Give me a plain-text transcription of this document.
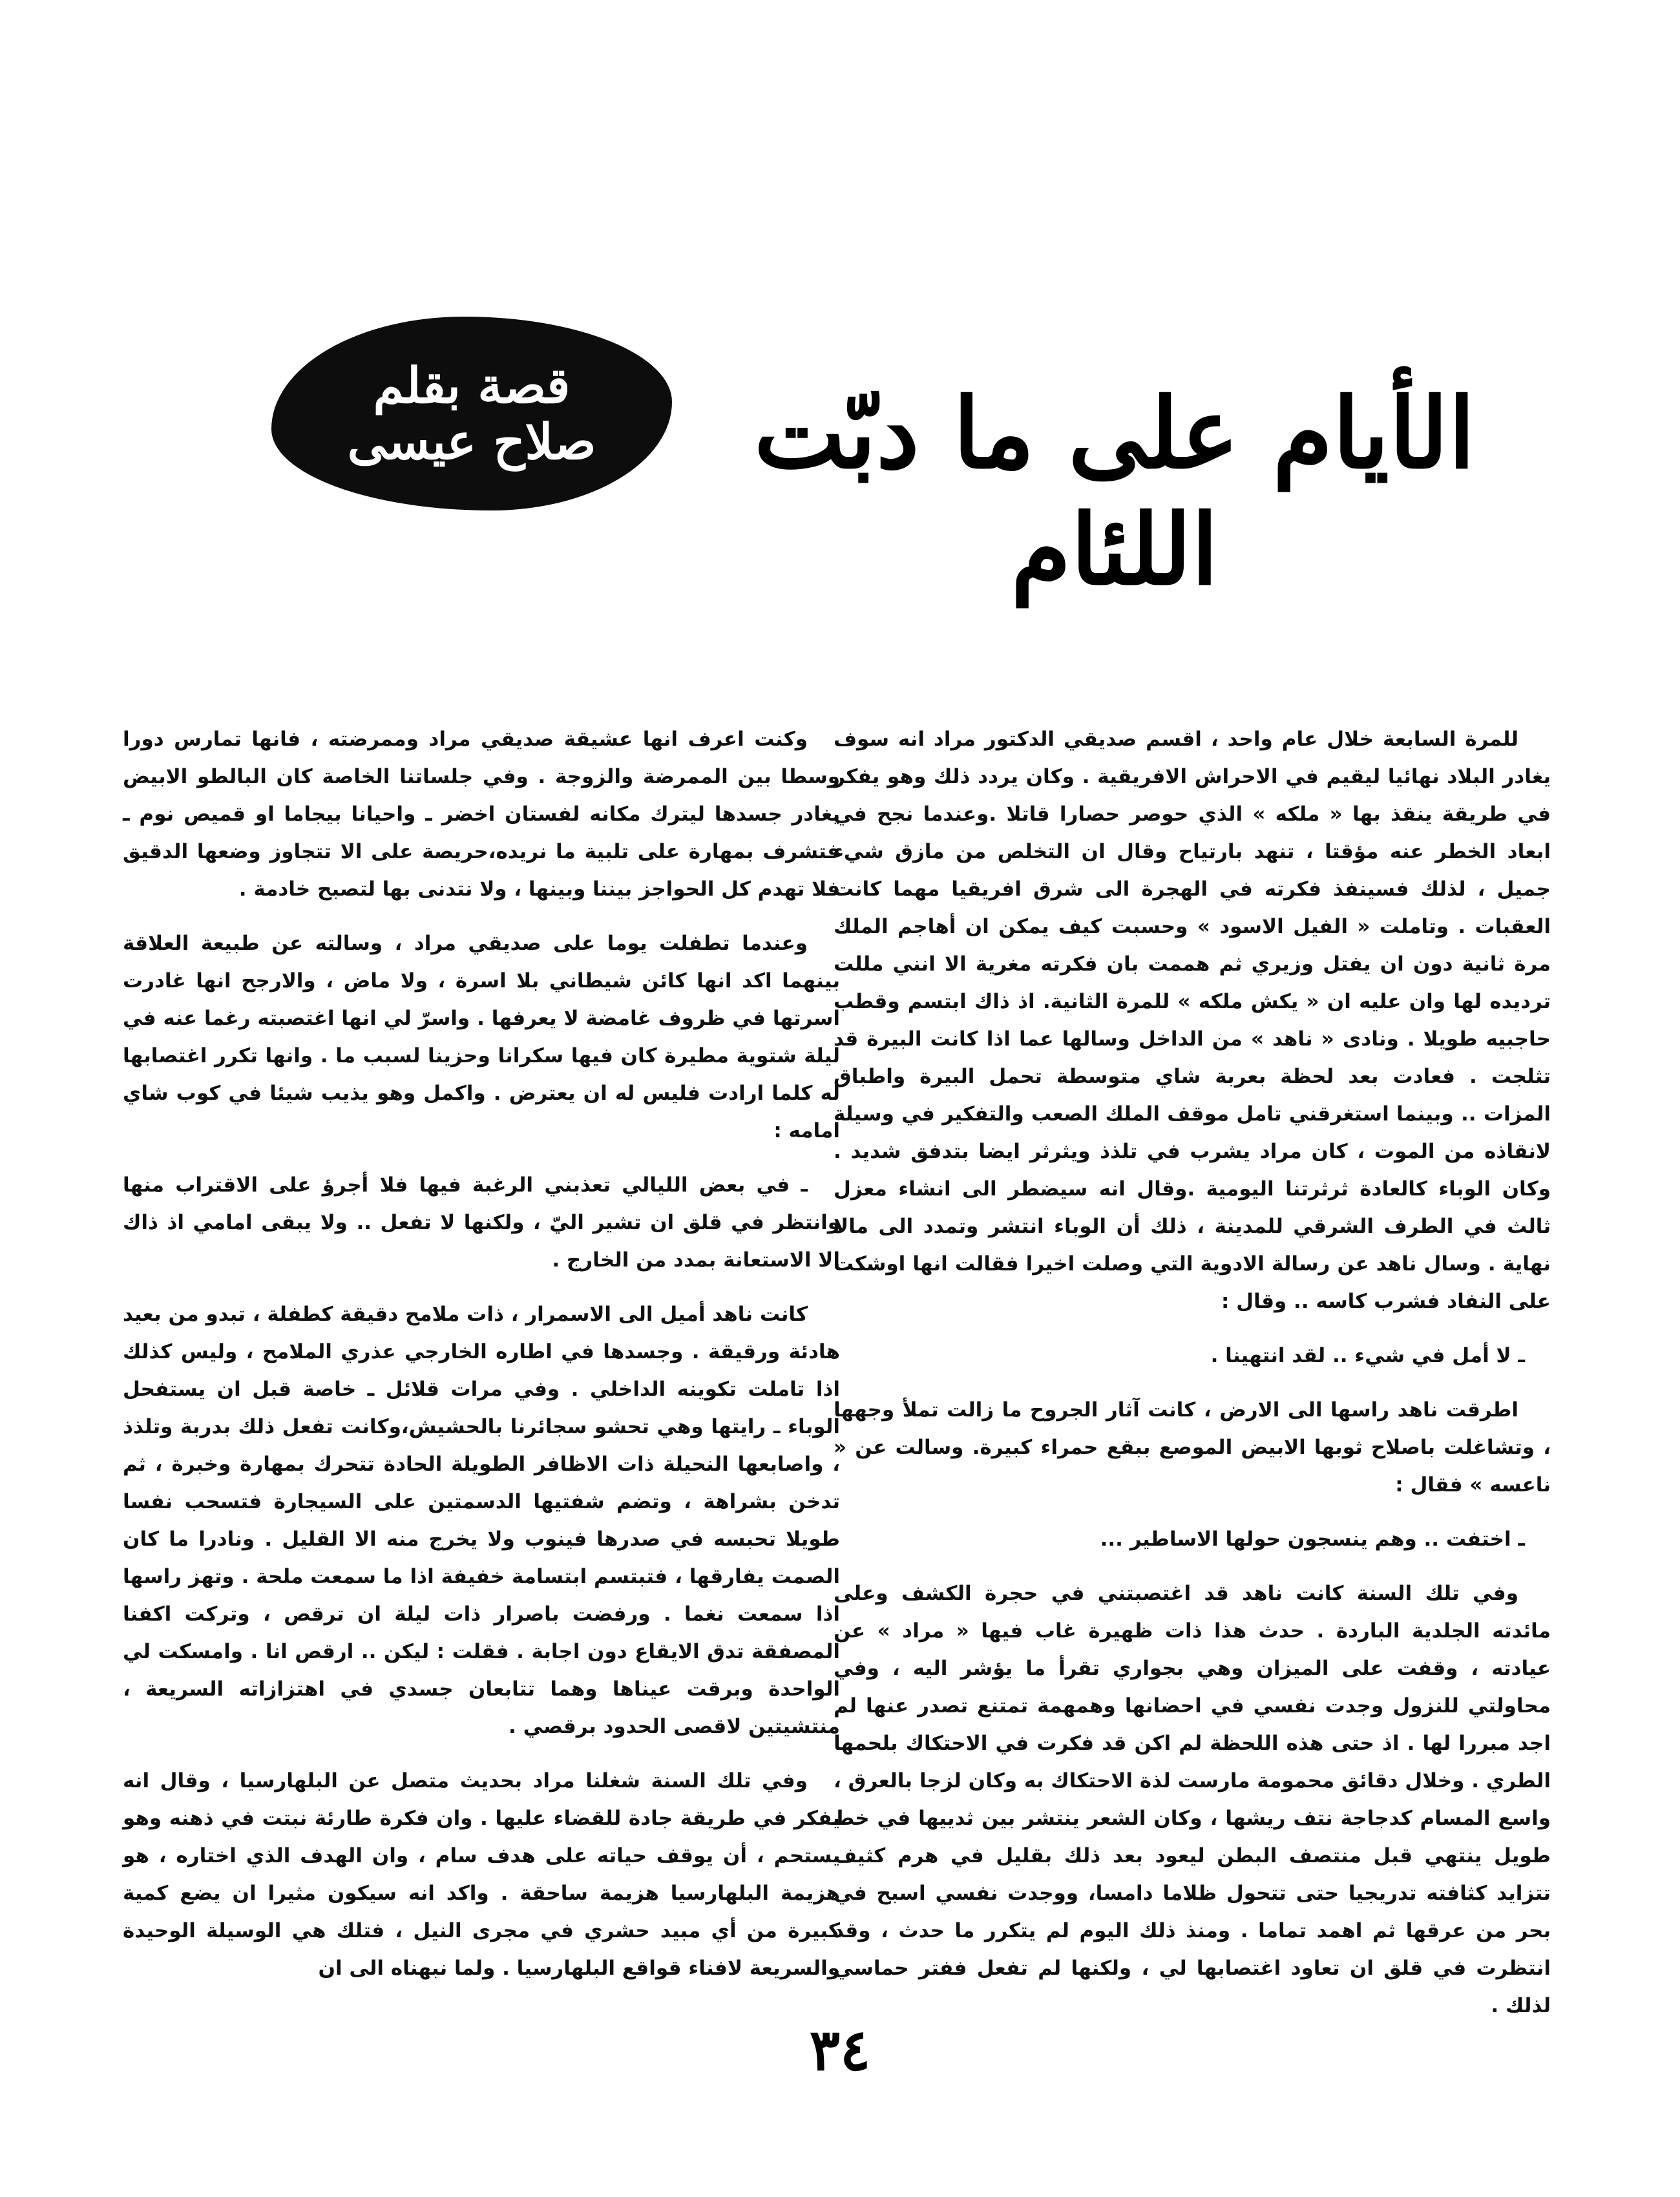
الأيام على ما دبّت اللئام
قصة بقلم
صلاح عيسى

للمرة السابعة خلال عام واحد ، اقسم صديقي الدكتور مراد انه سوف يغادر البلاد نهائيا ليقيم في الاحراش الافريقية . وكان يردد ذلك وهو يفكر في طريقة ينقذ بها « ملكه » الذي حوصر حصارا قاتلا .وعندما نجح في ابعاد الخطر عنه مؤقتا ، تنهد بارتياح وقال ان التخلص من مازق شيء جميل ، لذلك فسينفذ فكرته في الهجرة الى شرق افريقيا مهما كانت العقبات . وتاملت « الفيل الاسود » وحسبت كيف يمكن ان أهاجم الملك مرة ثانية دون ان يفتل وزيري ثم هممت بان فكرته مغرية الا انني مللت ترديده لها وان عليه ان « يكش ملكه » للمرة الثانية. اذ ذاك ابتسم وقطب حاجبيه طويلا . ونادى « ناهد » من الداخل وسالها عما اذا كانت البيرة قد تثلجت . فعادت بعد لحظة بعربة شاي متوسطة تحمل البيرة واطباق المزات .. وبينما استغرقني تامل موقف الملك الصعب والتفكير في وسيلة لانقاذه من الموت ، كان مراد يشرب في تلذذ ويثرثر ايضا بتدفق شديد . وكان الوباء كالعادة ثرثرتنا اليومية .وقال انه سيضطر الى انشاء معزل ثالث في الطرف الشرقي للمدينة ، ذلك أن الوباء انتشر وتمدد الى مالا نهاية . وسال ناهد عن رسالة الادوية التي وصلت اخيرا فقالت انها اوشكت على النفاد فشرب كاسه .. وقال :

ـ لا أمل في شيء .. لقد انتهينا .

اطرقت ناهد راسها الى الارض ، كانت آثار الجروح ما زالت تملأ وجهها ، وتشاغلت باصلاح ثوبها الابيض الموصع ببقع حمراء كبيرة. وسالت عن « ناعسه » فقال :

ـ اختفت .. وهم ينسجون حولها الاساطير ...

وفي تلك السنة كانت ناهد قد اغتصبتني في حجرة الكشف وعلى مائدته الجلدية الباردة . حدث هذا ذات ظهيرة غاب فيها « مراد » عن عيادته ، وقفت على الميزان وهي بجواري تقرأ ما يؤشر اليه ، وفي محاولتي للنزول وجدت نفسي في احضانها وهمهمة تمتنع تصدر عنها لم اجد مبررا لها . اذ حتى هذه اللحظة لم اكن قد فكرت في الاحتكاك بلحمها الطري . وخلال دقائق محمومة مارست لذة الاحتكاك به وكان لزجا بالعرق ، واسع المسام كدجاجة نتف ريشها ، وكان الشعر ينتشر بين ثدييها في خط طويل ينتهي قبل منتصف البطن ليعود بعد ذلك بقليل في هرم كثيف تتزايد كثافته تدريجيا حتى تتحول ظلاما دامسا، ووجدت نفسي اسبح في بحر من عرقها ثم اهمد تماما . ومنذ ذلك اليوم لم يتكرر ما حدث ، وقد انتظرت في قلق ان تعاود اغتصابها لي ، ولكنها لم تفعل ففتر حماسي لذلك .

وكنت اعرف انها عشيقة صديقي مراد وممرضته ، فانها تمارس دورا وسطا بين الممرضة والزوجة . وفي جلساتنا الخاصة كان البالطو الابيض يغادر جسدها ليترك مكانه لفستان اخضر ـ واحيانا بيجاما او قميص نوم ـ فتشرف بمهارة على تلبية ما نريده،حريصة على الا تتجاوز وضعها الدقيق فلا تهدم كل الحواجز بيننا وبينها ، ولا نتدنى بها لتصبح خادمة .

وعندما تطفلت يوما على صديقي مراد ، وسالته عن طبيعة العلاقة بينهما اكد انها كائن شيطاني بلا اسرة ، ولا ماض ، والارجح انها غادرت اسرتها في ظروف غامضة لا يعرفها . واسرّ لي انها اغتصبته رغما عنه في ليلة شتوية مطيرة كان فيها سكرانا وحزينا لسبب ما . وانها تكرر اغتصابها له كلما ارادت فليس له ان يعترض . واكمل وهو يذيب شيئا في كوب شاي امامه :

ـ في بعض الليالي تعذبني الرغبة فيها فلا أجرؤ على الاقتراب منها وانتظر في قلق ان تشير اليّ ، ولكنها لا تفعل .. ولا يبقى امامي اذ ذاك الا الاستعانة بمدد من الخارج .

كانت ناهد أميل الى الاسمرار ، ذات ملامح دقيقة كطفلة ، تبدو من بعيد هادئة ورقيقة . وجسدها في اطاره الخارجي عذري الملامح ، وليس كذلك اذا تاملت تكوينه الداخلي . وفي مرات قلائل ـ خاصة قبل ان يستفحل الوباء ـ رايتها وهي تحشو سجائرنا بالحشيش،وكانت تفعل ذلك بدربة وتلذذ ، واصابعها النحيلة ذات الاظافر الطويلة الحادة تتحرك بمهارة وخبرة ، ثم تدخن بشراهة ، وتضم شفتيها الدسمتين على السيجارة فتسحب نفسا طويلا تحبسه في صدرها فينوب ولا يخرج منه الا القليل . ونادرا ما كان الصمت يفارقها ، فتبتسم ابتسامة خفيفة اذا ما سمعت ملحة . وتهز راسها اذا سمعت نغما . ورفضت باصرار ذات ليلة ان ترقص ، وتركت اكفنا المصفقة تدق الايقاع دون اجابة . فقلت : ليكن .. ارقص انا . وامسكت لي الواحدة وبرقت عيناها وهما تتابعان جسدي في اهتزازاته السريعة ، منتشيتين لاقصى الحدود برقصي .

وفي تلك السنة شغلنا مراد بحديث متصل عن البلهارسيا ، وقال انه يفكر في طريقة جادة للقضاء عليها . وان فكرة طارئة نبتت في ذهنه وهو يستحم ، أن يوقف حياته على هدف سام ، وان الهدف الذي اختاره ، هو هزيمة البلهارسيا هزيمة ساحقة . واكد انه سيكون مثيرا ان يضع كمية كبيرة من أي مبيد حشري في مجرى النيل ، فتلك هي الوسيلة الوحيدة والسريعة لافناء قواقع البلهارسيا . ولما نبهناه الى ان

٣٤
